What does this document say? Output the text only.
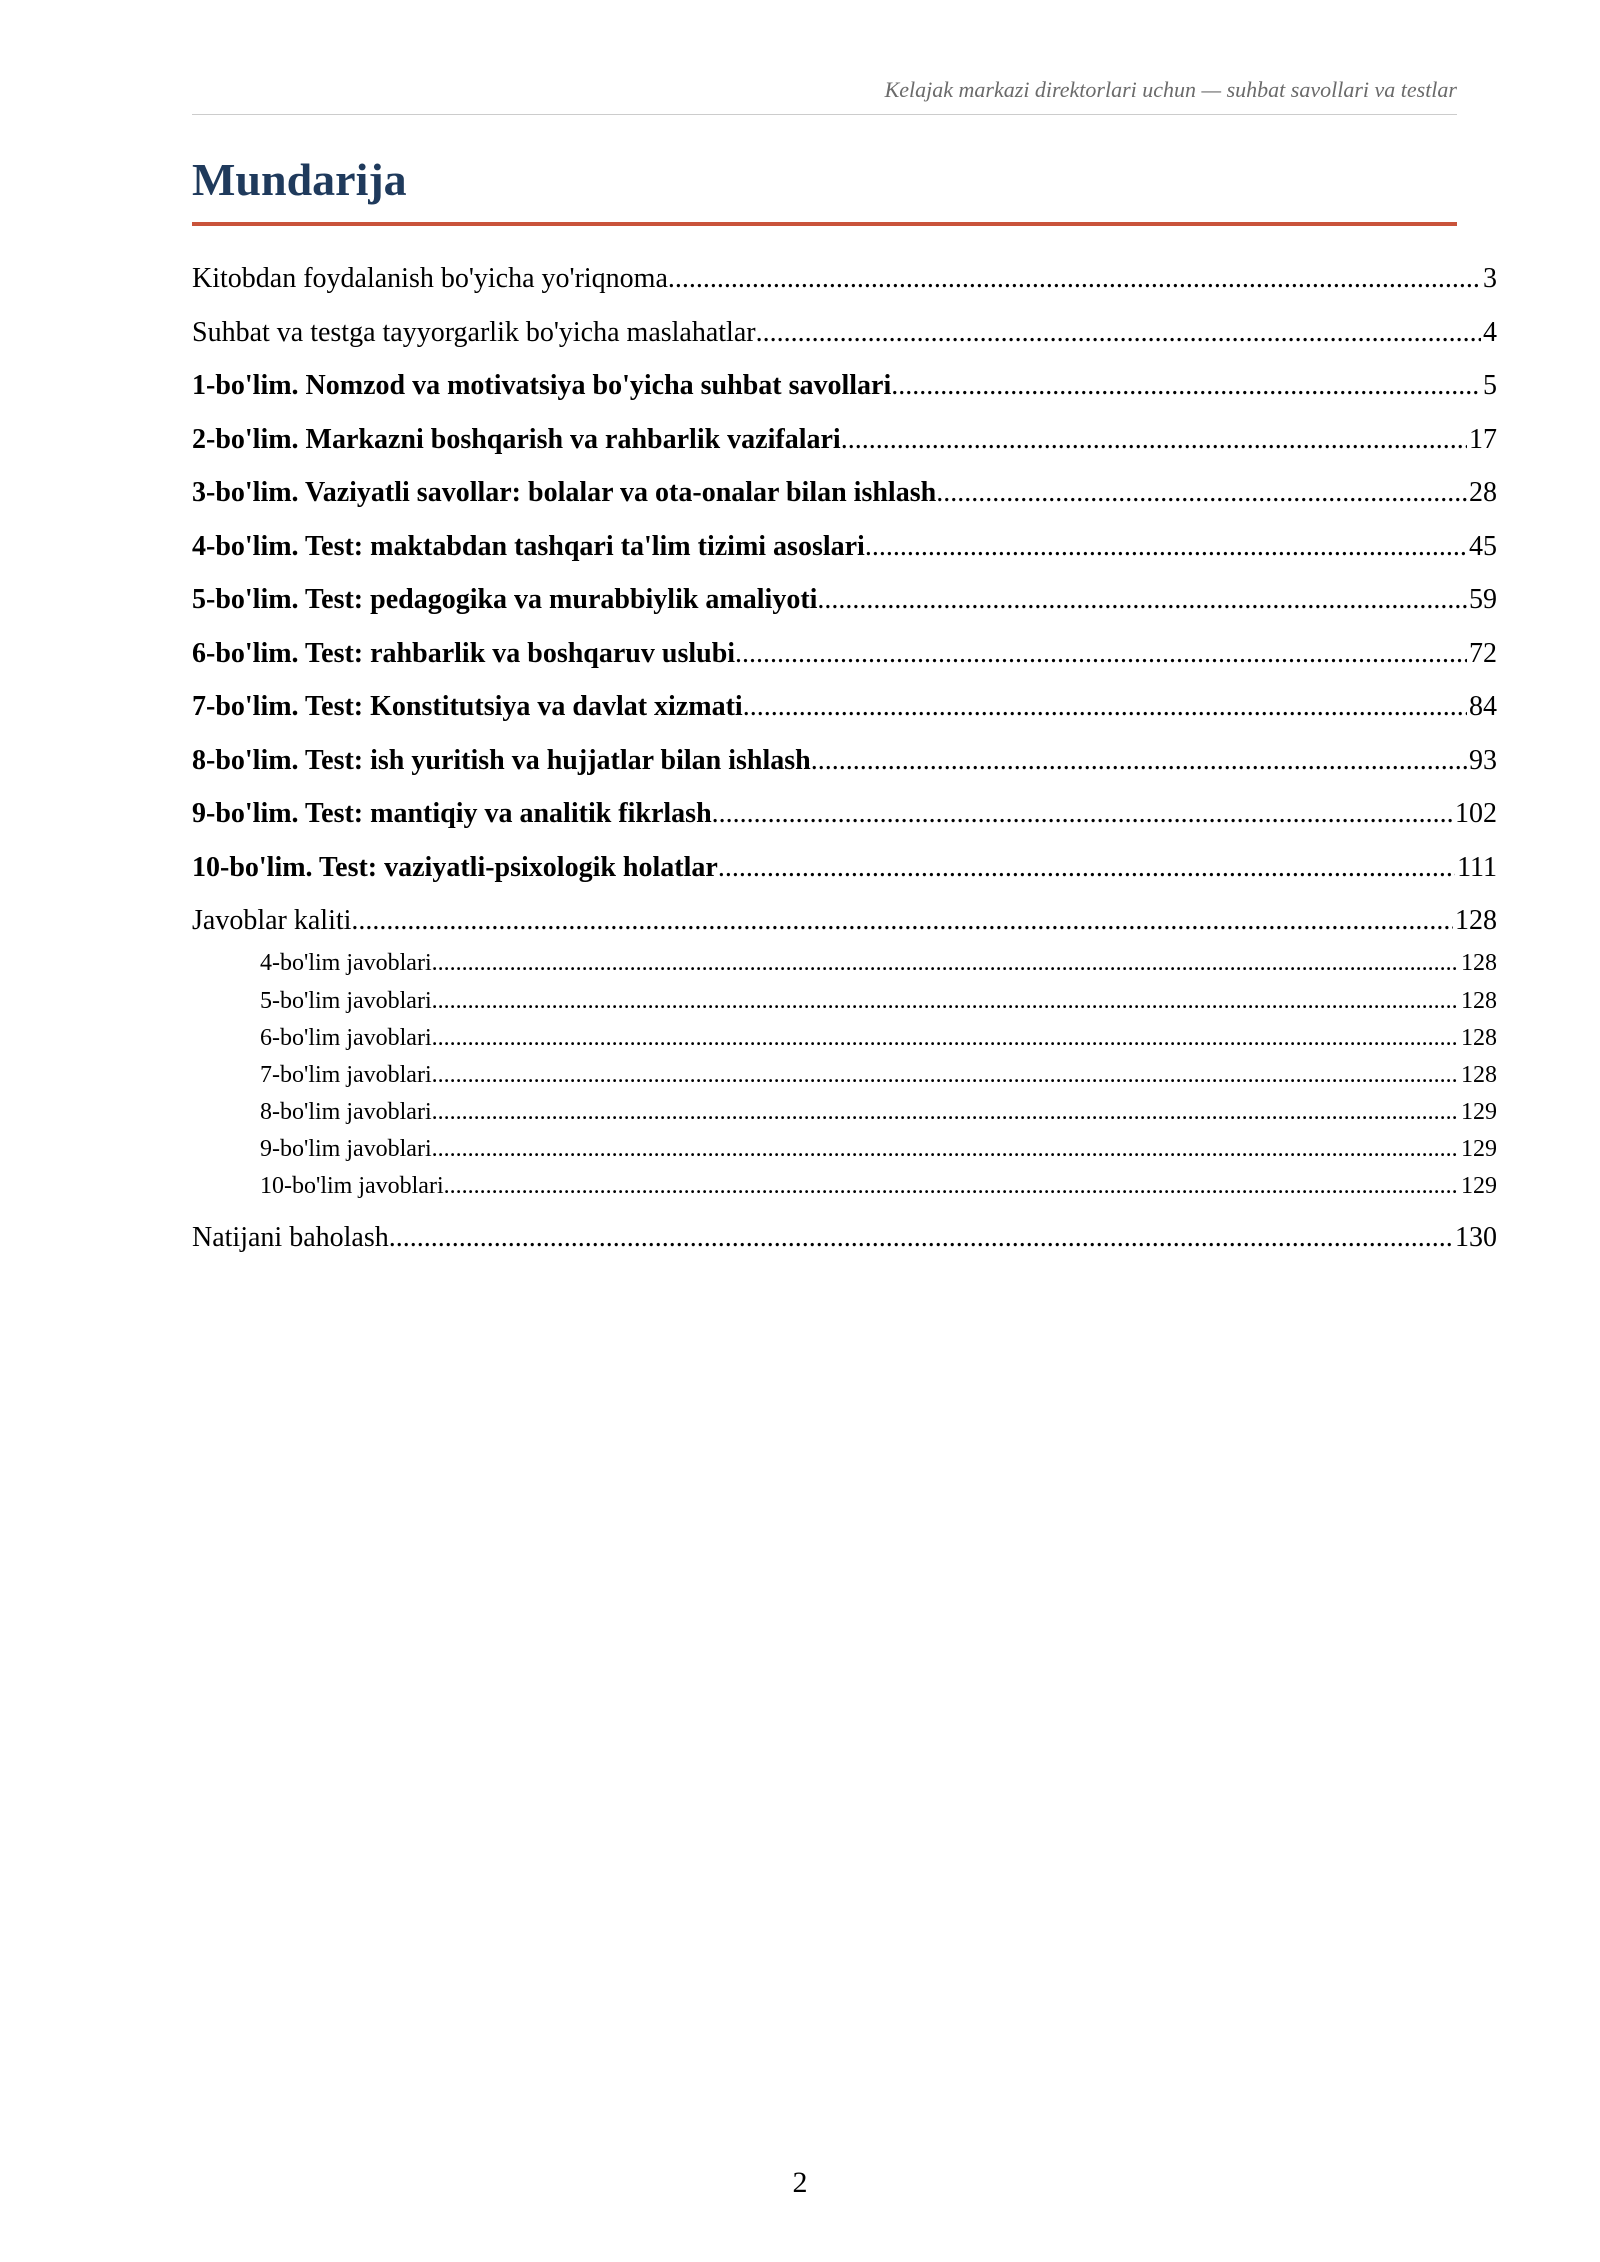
Kelajak markazi direktorlari uchun — suhbat savollari va testlar
Mundarija
Kitobdan foydalanish bo'yicha yo'riqnoma .....	3
Suhbat va testga tayyorgarlik bo'yicha maslahatlar .....	4
1-bo'lim. Nomzod va motivatsiya bo'yicha suhbat savollari .....	5
2-bo'lim. Markazni boshqarish va rahbarlik vazifalari .....	17
3-bo'lim. Vaziyatli savollar: bolalar va ota-onalar bilan ishlash .....	28
4-bo'lim. Test: maktabdan tashqari ta'lim tizimi asoslari .....	45
5-bo'lim. Test: pedagogika va murabbiylik amaliyoti .....	59
6-bo'lim. Test: rahbarlik va boshqaruv uslubi .....	72
7-bo'lim. Test: Konstitutsiya va davlat xizmati .....	84
8-bo'lim. Test: ish yuritish va hujjatlar bilan ishlash .....	93
9-bo'lim. Test: mantiqiy va analitik fikrlash .....	102
10-bo'lim. Test: vaziyatli-psixologik holatlar .....	111
Javoblar kaliti .....	128
4-bo'lim javoblari .....	128
5-bo'lim javoblari .....	128
6-bo'lim javoblari .....	128
7-bo'lim javoblari .....	128
8-bo'lim javoblari .....	129
9-bo'lim javoblari .....	129
10-bo'lim javoblari .....	129
Natijani baholash .....	130
2
